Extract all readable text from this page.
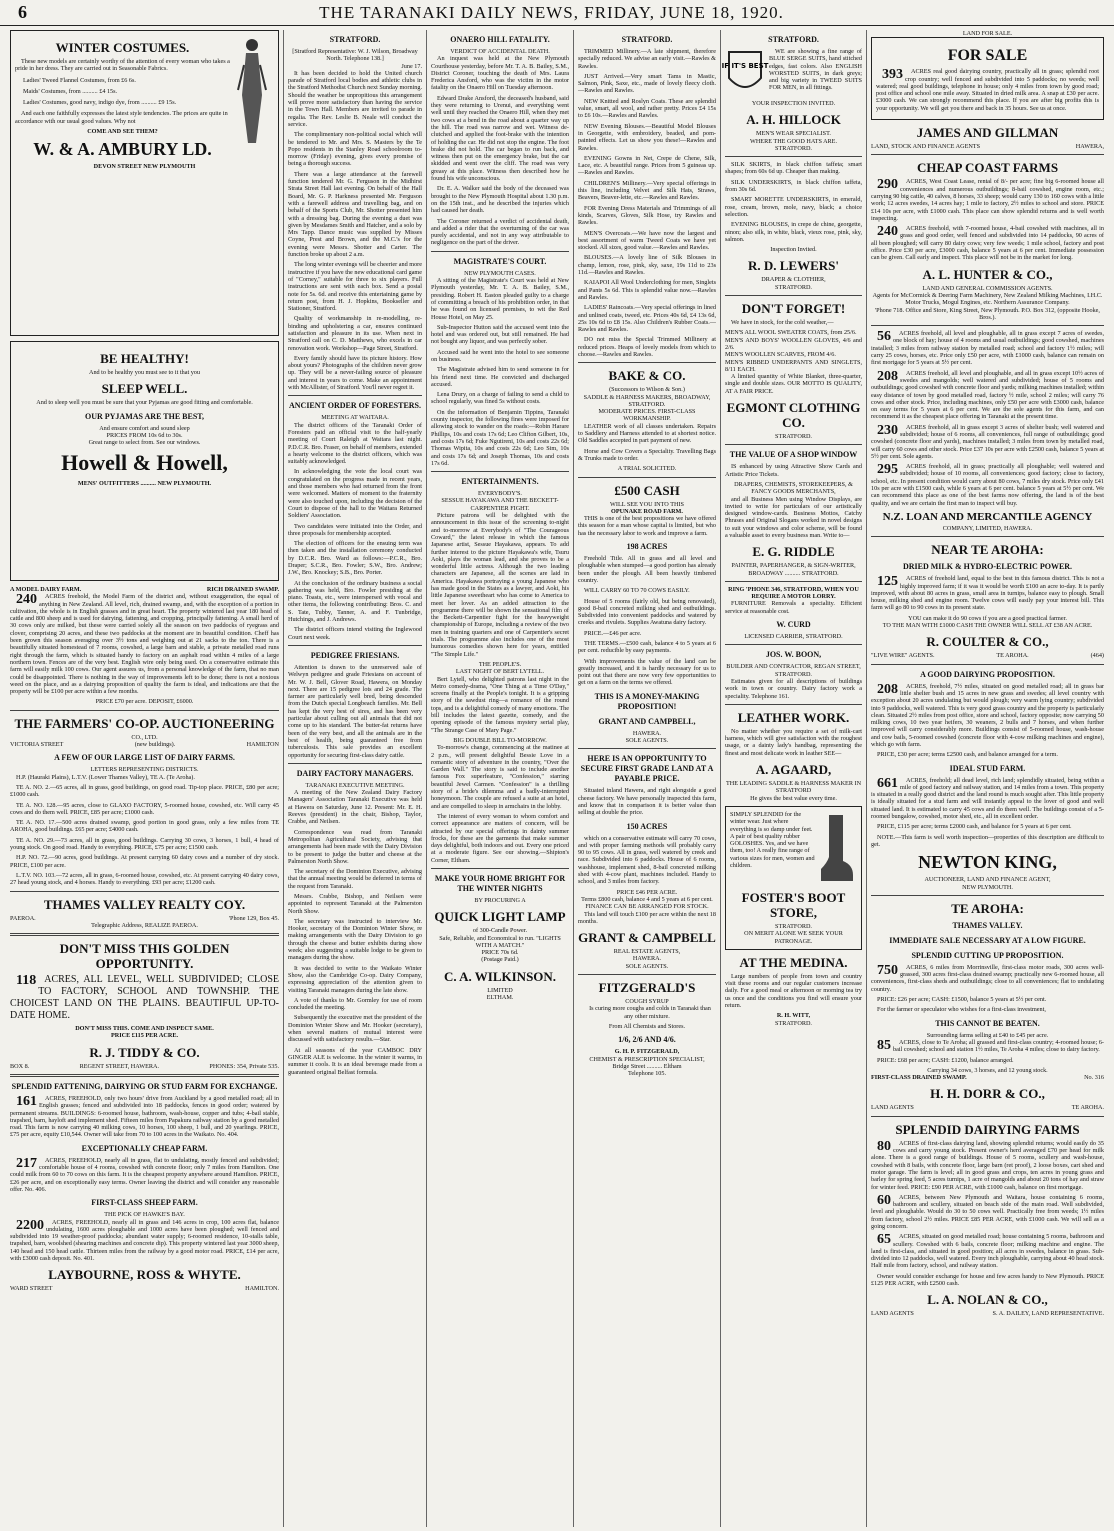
6	THE TARANAKI DAILY NEWS, FRIDAY, JUNE 18, 1920.
WINTER COSTUMES.

These new models are certainly worthy of the attention of every woman who takes a pride in her dress. They are carried out in Seasonable Fabrics.

Ladies' Tweed Flannel Costumes, from £6 6s.
Maids' Costumes, from .......... £4 15s.
Ladies' Costumes, good navy, indigo dye, from .......... £9 15s.

And each one faithfully expresses the latest style tendencies. The prices are quite in accordance with our usual good values. Why not

COME AND SEE THEM?
W. & A. AMBURY LD.
DEVON STREET NEW PLYMOUTH
BE HEALTHY!
And to be healthy you must see to it that you
SLEEP WELL.
And to sleep well you must be sure that your Pyjamas are good fitting and comfortable.
OUR PYJAMAS ARE THE BEST,
And ensure comfort and sound sleep
PRICES FROM 10s 6d to 30s.
Great range to select from. See our windows.
Howell & Howell,
MENS' OUTFITTERS .......... NEW PLYMOUTH.
A MODEL DAIRY FARM.	RICH DRAINED SWAMP.

240 ACRES freehold, the Model Farm of the district and, without exaggeration, the equal of anything in New Zealand. All level, rich, drained swamp, and, with the exception of a portion in cultivation, the whole is in English grasses and in great heart. The property wintered last year 180 head of cattle and 800 sheep and is used for dairying, fattening, and cropping, principally fattening. A small herd of 30 cows only are milked, but these were carried solely all the season on two paddocks of ryegrass and clover, comprising 20 acres, and these two paddocks at the moment are in beautiful condition. Cheff has been grown this season averaging over 3½ tons and weighing out at 21 sacks to the ton. There is a beautifully situated homestead of 7 rooms, cowshed, a large barn and stable, a private metalled road runs right through the farm, which is situated handy to factory on an asphalt road within 4 miles of a large northern town. Fences are of the very best. English wire only being used. On a conservative estimate this farm will easily milk 100 cows. Our agent assures us, from a personal knowledge of the farm, that no man could be disappointed. There is nothing in the way of improvements left to be done; there is not a noxious weed on the place, and as a dairying proposition of quality the farm is ideal, and indications are that the property will be £100 per acre within a few months.

PRICE £70 per acre. DEPOSIT, £6000.
THE FARMERS' CO-OP. AUCTIONEERING
CO., LTD.
VICTORIA STREET	(new buildings).	HAMILTON
A FEW OF OUR LARGE LIST OF DAIRY FARMS.
LETTERS REPRESENTING DISTRICTS.

H.P. (Hauraki Plains), L.T.V. (Lower Thames Valley), TE A. (Te Aroha).

TE A. NO. 2.—65 acres, all in grass, good buildings, on good road. Tip-top place. PRICE, £80 per acre; £1000 cash.

TE A. NO. 128.—95 acres, close to GLAXO FACTORY, 5-roomed house, cowshed, etc. Will carry 45 cows and do them well. PRICE, £85 per acre; £1000 cash.

TE A. NO. 17.—500 acres drained swamp, good portion in good grass, only a few miles from TE AROHA, good buildings. £65 per acre; £4000 cash.

TE A. NO. 29.—73 acres, all in grass, good buildings. Carrying 30 cows, 3 horses, 1 bull, 4 head of young stock. On good road. Handy to everything. PRICE, £75 per acre; £1500 cash.

H.P. NO. 72.—90 acres, good buildings. At present carrying 60 dairy cows and a number of dry stock. PRICE, £100 per acre.

L.T.V. NO. 103.—72 acres, all in grass, 6-roomed house, cowshed, etc. At present carrying 40 dairy cows, 27 head young stock, and 4 horses. Handy to everything. £93 per acre; £1200 cash.

THAMES VALLEY REALTY COY.
PAEROA.	'Phone 129, Box 45.
Telegraphic Address, REALIZE PAEROA.
DON'T MISS THIS GOLDEN OPPORTUNITY.

118 ACRES, ALL LEVEL, WELL SUBDIVIDED; CLOSE TO FACTORY, SCHOOL AND TOWNSHIP. THE CHOICEST LAND ON THE PLAINS. BEAUTIFUL UP-TO-DATE HOME.

DON'T MISS THIS. COME AND INSPECT SAME.
PRICE £115 PER ACRE.
R. J. TIDDY & CO.
BOX 8.	REGENT STREET, HAWERA.	PHONES: 354, Private 535.
SPLENDID FATTENING, DAIRYING OR STUD FARM FOR EXCHANGE.

161 ACRES, FREEHOLD, only two hours' drive from Auckland by a good metalled road; all in English grasses; fenced and subdivided into 18 paddocks, fences in good order; watered by permanent streams. BUILDINGS: 6-roomed house, bathroom, wash-house, copper and tubs; 4-bail stable, trapshed, barn, hayloft and implement shed. Fifteen miles from Papakura railway station by a good metalled road. This farm is now carrying 40 milking cows, 10 horses, 100 sheep, 1 bull, and 20 yearlings. PRICE, £75 per acre, equity £10,544. Owner will take from 70 to 100 acres in the Waikato. No. 404.

EXCEPTIONALLY CHEAP FARM.

217 ACRES, FREEHOLD, nearly all in grass, flat to undulating, mostly fenced and subdivided; comfortable house of 4 rooms, cowshed with concrete floor; only 7 miles from Hamilton. One could milk from 60 to 70 cows on this farm. It is the cheapest property anywhere around Hamilton. PRICE, £26 per acre, and on exceptionally easy terms. Owner leaving the district and will consider any reasonable offer. No. 406.

FIRST-CLASS SHEEP FARM.
THE PICK OF HAWKE'S BAY.

2200 ACRES, FREEHOLD, nearly all in grass and 146 acres in crop, 100 acres flat, balance undulating, 1600 acres ploughable and 1000 acres have been ploughed; well fenced and subdivided into 19 weather-proof paddocks; abundant water supply; 6-roomed residence, 10-stalls table, trapshed, barn, woolshed (shearing machines and concrete dip). This property wintered last year 3000 sheep, 140 head and 150 head cattle. Thirteen miles from the railway by a good motor road. PRICE, £14 per acre, with £3000 cash deposit. No. 401.

LAYBOURNE, ROSS & WHYTE.
WARD STREET	HAMILTON.
STRATFORD.
[Stratford Representative: W. J. Wilson, Broadway North. Telephone 138.]
June 17.

It has been decided to hold the United church parade of Stratford local bodies and athletic clubs in the Stratford Methodist Church next Sunday morning. Should the weather be unpropitious this arrangement will prove more satisfactory than having the service in the Town Hall. Members are invited to parade in regalia. The Rev. Leslie B. Neale will conduct the service.

The complimentary non-political social which will be tendered to Mr. and Mrs. S. Masters by the Te Popo residents in the Stanley Road schoolroom to-morrow (Friday) evening, gives every promise of being a thorough success.

There was a large attendance at the farewell function tendered Mr. G. Ferguson in the Midhirst Strata Street Hall last evening. On behalf of the Hall Board, Mr. G. P. Harkness presented Mr. Ferguson with a farewell address and travelling bag, and on behalf of the Sports Club, Mr. Shotter presented him with a dressing bag. During the evening a duet was given by Mesdames Smith and Hatcher, and a solo by Mrs Tapp. Dance music was supplied by Misses Coyne, Prest and Brown, and the M.C.'s for the evening were Messrs. Shotter and Carter. The function broke up about 2 a.m.

The long winter evenings will be cheerier and more instructive if you have the new educational card game of "Corney," suitable for three to six players. Full instructions are sent with each box. Send a postal note for 5s. 6d. and receive this entertaining game by return post, from H. J. Hopkins, Bookseller and Stationer, Stratford.

Quality of workmanship in re-modelling, re-binding and upholstering a car, ensures continued satisfaction and pleasure in its use. When next in Stratford call on C. D. Matthews, who excels in car renovation work. Workshop—Page Street, Stratford.

Every family should have its picture history. How about yours? Photographs of the children never grow up. They will be a never-failing source of pleasure and interest in years to come. Make an appointment with McAllister, of Stratford. You'll never regret it.

ANCIENT ORDER OF FORESTERS.
MEETING AT WAITARA.

The district officers of the Taranaki Order of Foresters paid an official visit to the half-yearly meeting of Court Raleigh at Waitara last night. P.D.C.R. Bro. Fraser, on behalf of members, extended a hearty welcome to the district officers, which was suitably acknowledged.

In acknowledging the vote the local court was congratulated on the progress made in recent years, and those members who had returned from the front were welcomed. Matters of moment to the fraternity were also touched upon, including the decision of the Court to dispose of the hall to the Waitara Returned Soldiers' Association.

Two candidates were initiated into the Order, and three proposals for membership accepted.

The election of officers for the ensuing term was then taken and the installation ceremony conducted by D.C.R. Bro. Ward as follows:—P.C.R., Bro. Draper; S.C.R., Bro. Fowler; S.W., Bro. Andrew; J.W., Bro. Knockey; S.B., Bro. Porter.

At the conclusion of the ordinary business a social gathering was held, Bro. Fowler presiding at the piano. Toasts, etc., were interspersed with vocal and other items, the following contributing: Bros. C. and S. Tate, Tubby, Tanner, A. and F. Tunbridge, Hutchings, and J. Andrews.

The district officers intend visiting the Inglewood Court next week.

PEDIGREE FRIESIANS.

Attention is drawn to the unreserved sale of Welwyn pedigree and grade Friesians on account of Mr. W. J. Bell, Glover Road, Hawera, on Monday next. There are 15 pedigree lots and 24 grade. The farmer are particularly well bred, being descended from the Dutch special Longbeach families. Mr. Bell has kept the very best of sires, and has been very particular about culling out all animals that did not come up to his standard. The butter-fat returns have been of the very best, and all the animals are in the best of health, being guaranteed free from tuberculosis. This sale provides an excellent opportunity for securing first-class dairy cattle.

DAIRY FACTORY MANAGERS.
TARANAKI EXECUTIVE MEETING.

A meeting of the New Zealand Dairy Factory Managers' Association Taranaki Executive was held at Hawera on Saturday, June 12. Present: Mr. E. H. Reeves (president) in the chair, Bishop, Taylor, Crabbe, and Neilsen.

Correspondence was read from Taranaki Metropolitan Agricultural Society, advising that arrangements had been made with the Dairy Division to be present to judge the butter and cheese at the Palmerston North Show.

The secretary of the Dominion Executive, advising that the annual meeting would be deferred in terms of the request from Taranaki.

Messrs. Crabbe, Bishop, and Neilsen were appointed to represent Taranaki at the Palmerston North Show.

The secretary was instructed to interview Mr. Hooker, secretary of the Dominion Winter Show, re making arrangements with the Dairy Division to go through the cheese and butter exhibits during show week; also suggesting a suitable lodge to be given to managers during the show.

It was decided to write to the Waikato Winter Show, also the Cambridge Co-op. Dairy Company, expressing appreciation of the attention given to visiting Taranaki managers during the late show.

A vote of thanks to Mr. Gormley for use of room concluded the meeting.

Subsequently the executive met the president of the Dominion Winter Show and Mr. Hooker (secretary), when several matters of mutual interest were discussed with satisfactory results.—Star.

At all seasons of the year CAMBOC DRY GINGER ALE is welcome. In the winter it warms, in summer it cools. It is an ideal beverage made from a guaranteed original Belfast formula.

ONAERO HILL FATALITY.
VERDICT OF ACCIDENTAL DEATH.

An inquest was held at the New Plymouth Courthouse yesterday, before Mr. T. A. B. Bailey, S.M., District Coroner, touching the death of Mrs. Laura Frederica Ansford, who was the victim in the motor fatality on the Onaero Hill on Tuesday afternoon.

Edward Drake Ansford, the deceased's husband, said they were returning to Urenui, and everything went well until they reached the Onaero Hill, when they met two cows at a bend in the road about a quarter way up the hill. The road was narrow and wet. Witness de-clutched and applied the foot-brake with the intention of holding the car. He did not stop the engine. The foot brake did not hold. The car began to run back, and witness then put on the emergency brake, but the car skidded and went over the cliff. The road was very greasy at this place. Witness then described how he found his wife unconscious.

Dr. E. A. Walker said the body of the deceased was brought to the New Plymouth Hospital about 1.30 p.m. on the 15th inst., and he described the injuries which had caused her death.

The Coroner returned a verdict of accidental death, and added a rider that the overturning of the car was purely accidental, and not in any way attributable to negligence on the part of the driver.

MAGISTRATE'S COURT.
NEW PLYMOUTH CASES.

A sitting of the Magistrate's Court was held at New Plymouth yesterday, Mr. T. A. B. Bailey, S.M., presiding. Robert H. Easton pleaded guilty to a charge of committing a breach of his prohibition order, in that he was found on licensed premises, to wit the Red House Hotel, on May 25.

Sub-Inspector Hutton said the accused went into the hotel and was ordered out, but still remained. He had not bought any liquor, and was perfectly sober.

Accused said he went into the hotel to see someone on business.

The Magistrate advised him to send someone in for his friend next time. He convicted and discharged accused.

Lena Drury, on a charge of failing to send a child to school regularly, was fined 5s without costs.

On the information of Benjamin Tippins, Taranaki county inspector, the following fines were imposed for allowing stock to wander on the roads:—Robin Harare Phillips, 10s and costs 17s 6d; Leo Clifton Gilbert, 10s, and costs 17s 6d; Fuke Ngutireni, 10s and costs 22s 6d; Thomas Wipita, 10s and costs 22s 6d; Leo Sim, 10s and costs 17s 6d; and Joseph Thomas, 10s and costs 17s 6d.

ENTERTAINMENTS.
EVERYBODY'S.
SESSUE HAYAKAWA AND THE BECKETT-CARPENTIER FIGHT.

Picture patrons will be delighted with the announcement in this issue of the screening to-night and to-morrow at Everybody's of "The Courageous Coward," the latest release in which the famous Japanese artist, Sessue Hayakawa, appears. To add further interest to the picture Hayakawa's wife, Tsuru Aoki, plays the woman lead, and she proves to be a wonderful little actress. Although the two leading characters are Japanese, all the scenes are laid in America. Hayakawa portraying a young Japanese who has made good in the States as a lawyer, and Aoki, his little Japanese sweetheart who has come to America to meet her lover. As an added attraction to the programme there will be shown the sensational film of the Beckett-Carpentier fight for the heavyweight championship of Europe, including a review of the two men in training quarters and one of Carpentier's secret trials. The programme also includes one of the most humorous comedies shown here for years, entitled "The Simple Life."

THE PEOPLE'S.
LAST NIGHT OF BERT LYTELL.

Bert Lytell, who delighted patrons last night in the Metro comedy-drama, "One Thing at a Time O'Day," screens finally at the People's tonight. It is a gripping story of the sawdust ring—a romance of the round tops, and is a delightful comedy of many emotions. The bill includes the latest gazette, comedy, and the opening episode of the famous mystery serial play, "The Strange Case of Mary Page."

BIG DOUBLE BILL TO-MORROW.

To-morrow's change, commencing at the matinee at 2 p.m., will present delightful Bessie Love in a romantic story of adventure in the country, "Over the Garden Wall." The story is said to include another famous Fox superfeature, "Confession," starring beautiful Jewel Carmen. "Confession" is a thrilling story of a bride's dilemma and a badly-interrupted honeymoon. The couple are refused a suite at an hotel, and are compelled to sleep in armchairs in the lobby.

The interest of every woman to whom comfort and correct appearance are matters of concern, will be attracted by our special offerings in dainty summer frocks, for these are the garments that make summer days delightful, both indoors and out. Every one priced at a moderate figure. See our showing.—Shipton's Corner, Eltham.

MAKE YOUR HOME BRIGHT FOR THE WINTER NIGHTS
BY PROCURING A
QUICK LIGHT LAMP
of 300-Candle Power.
Safe, Reliable, and Economical to run. "LIGHTS WITH A MATCH."
PRICE 70s 6d.
(Postage Paid.)
C. A. WILKINSON.
LIMITED
ELTHAM.
STRATFORD.

TRIMMED Millinery.—A late shipment, therefore specially reduced. We advise an early visit.—Rawles & Rawles.

JUST Arrived.—Very smart Tams in Mastic, Salmon, Pink, Saxe, etc., made of lovely fleecy cloth.—Rawles and Rawles.

NEW Knitted and Roslyn Coats. These are splendid value, smart, all wool, and rather pretty. Prices £4 15s to £6 10s.—Rawles and Rawles.

NEW Evening Blouses.—Beautiful Model Blouses in Georgette, with embroidery, beaded, and pom-painted effects. Let us show you these!—Rawles and Rawles.

EVENING Gowns in Net, Crepe de Chene, Silk, Lace, etc. A beautiful range. Prices from 5 guineas up.—Rawles and Rawles.

CHILDREN'S Millinery.—Very special offerings in this line, including Velvet and Silk Hats, Straws, Beavers, Beaver-lette, etc.—Rawles and Rawles.

FOR Evening Dress Materials and Trimmings of all kinds, Scarves, Gloves, Silk Hose, try Rawles and Rawles.

MEN'S Overcoats.—We have now the largest and best assortment of warm Tweed Coats we have yet stocked. All sizes, good value.—Rawles and Rawles.

BLOUSES.—A lovely line of Silk Blouses in champ, lemon, rose, pink, sky, saxe, 19s 11d to 23s 11d.—Rawles and Rawles.

KAIAPOI All Wool Underclothing for men, Singlets and Pants 5s 6d. This is splendid value now.—Rawles and Rawles.

LADIES' Raincoats.—Very special offerings in lined and unlined coats, tweed, etc. Prices 40s 6d, £4 13s 6d, 25s 10s 6d to £8 15s. Also Children's Rubber Coats.—Rawles and Rawles.

DO not miss the Special Trimmed Millinery at reduced prices. Heaps of lovely models from which to choose.—Rawles and Rawles.

BAKE & CO.
(Successors to Wilson & Son.)
SADDLE & HARNESS MAKERS, BROADWAY, STRATFORD.
MODERATE PRICES. FIRST-CLASS WORKMANSHIP.

LEATHER work of all classes undertaken. Repairs to Saddlery and Harness attended to at shortest notice. Old Saddles accepted in part payment of new.

Horse and Cow Covers a Speciality. Travelling Bags & Trunks made to order.

A TRIAL SOLICITED.
£500 CASH
WILL SEE YOU INTO THIS
OPUNAKE ROAD FARM.

THIS is one of the best propositions we have offered this season for a man whose capital is limited, but who has the necessary labor to work and improve a farm.

198 ACRES

Freehold Title. All in grass and all level and ploughable when stumped—a good portion has already been under the plough. All been heavily timbered country.

WILL CARRY 60 TO 70 COWS EASILY.

House of 5 rooms (fairly old, but being renovated), good 8-bail concreted milking shed and outbuildings. Subdivided into convenient paddocks and watered by creeks and rivulets. Supplies Awatuna dairy factory.

PRICE.—£46 per acre.

THE TERMS.—£500 cash, balance 4 to 5 years at 6 per cent. reducible by easy payments.

With improvements the value of the land can be greatly increased, and it is hardly necessary for us to point out that there are now very few opportunities to get on a farm on the terms we offered.

THIS IS A MONEY-MAKING PROPOSITION!
GRANT AND CAMPBELL,
HAWERA.
SOLE AGENTS.
HERE IS AN OPPORTUNITY TO SECURE FIRST GRADE LAND AT A PAYABLE PRICE.

Situated inland Hawera, and right alongside a good cheese factory. We have personally inspected this farm, and know that in comparison it is better value than selling at double the price.

150 ACRES

which on a conservative estimate will carry 70 cows, and with proper farming methods will probably carry 90 to 95 cows. All in grass, well watered by creek and race. Subdivided into 6 paddocks. House of 6 rooms, washhouse, implement shed, 8-bail concreted milking shed with 4-cow plant, machines included. Handy to school, and 3 miles from factory.

PRICE £46 PER ACRE.
Terms £800 cash, balance 4 and 5 years at 6 per cent.
FINANCE CAN BE ARRANGED FOR STOCK.

This land will touch £100 per acre within the next 18 months.

GRANT & CAMPBELL
REAL ESTATE AGENTS,
HAWERA.
SOLE AGENTS.
FITZGERALD'S
COUGH SYRUP

Is curing more coughs and colds in Taranaki than any other mixture.

From All Chemists and Stores.
1/6, 2/6 AND 4/6.
G. H. P. FITZGERALD,
CHEMIST & PRESCRIPTION SPECIALIST,
Bridge Street .......... Eltham
Telephone 105.
STRATFORD.
IF IT'S BEST

WE are showing a fine range of BLUE SERGE SUITS, hand stitched edges, fast colors. Also ENGLISH WORSTED SUITS, in dark greys; and big variety in TWEED SUITS FOR MEN, in all fittings.

YOUR INSPECTION INVITED.
A. H. HILLOCK
MEN'S WEAR SPECIALIST.
WHERE THE GOOD HATS ARE.
STRATFORD.

SILK SKIRTS, in black chiffon taffeta; smart shapes; from 60s 6d up. Cheaper than making.

SILK UNDERSKIRTS, in black chiffon taffeta, from 30s 6d.

SMART MORETTE UNDERSKIRTS, in emerald, rose, cream, brown, mole, navy, black; a choice selection.

EVENING BLOUSES, in crepe de chine, georgette, ninon; also silk, in white, black, vieux rose, pink, sky, salmon.

Inspection Invited.
R. D. LEWERS'
DRAPER & CLOTHIER,
STRATFORD.
DON'T FORGET!

We have in stock, for the cold weather,—

MEN'S ALL WOOL SWEATER COATS, from 25/6.
MEN'S AND BOYS' WOOLLEN GLOVES, 4/6 and 2/6.
MEN'S WOOLLEN SCARVES, FROM 4/6.
MEN'S RIBBED UNDERPANTS AND SINGLETS, 8/11 EACH.

A limited quantity of White Blanket, three-quarter, single and double sizes. OUR MOTTO IS QUALITY, AT A FAIR PRICE.

EGMONT CLOTHING CO.
STRATFORD.
THE VALUE OF A SHOP WINDOW

IS enhanced by using Attractive Show Cards and Artistic Price Tickets.

DRAPERS, CHEMISTS, STOREKEEPERS, & FANCY GOODS MERCHANTS,

and all Business Men using Window Displays, are invited to write for particulars of our artistically designed window-cards. Business Mottos, Catchy Phrases and Original Slogans worked in novel designs to suit your windows and color scheme, will be found a valuable asset to every business man. Write to—

E. G. RIDDLE
PAINTER, PAPERHANGER, & SIGN-WRITER,
BROADWAY .......... STRATFORD.
RING 'PHONE 346, STRATFORD, WHEN YOU REQUIRE A MOTOR LORRY.

FURNITURE Removals a speciality. Efficient service at reasonable cost.

W. CURD
LICENSED CARRIER, STRATFORD.
JOS. W. BOON,
BUILDER AND CONTRACTOR, REGAN STREET, STRATFORD.

Estimates given for all descriptions of buildings work in town or country. Dairy factory work a speciality. Telephone 161.

LEATHER WORK.

No matter whether you require a set of milk-cart harness, which will give satisfaction with the roughest usage, or a dainty lady's handbag, representing the finest and most delicate work in leather SEE—

A. AGAARD,
THE LEADING SADDLE & HARNESS MAKER IN STRATFORD
He gives the best value every time.
SIMPLY SPLENDID for the winter wear. Just where everything is so damp under feet. A pair of best quality rubber GOLOSHES. Yes, and we have them, too! A really fine range of various sizes for men, women and children.
FOSTER'S BOOT STORE,
STRATFORD.
ON MERIT ALONE WE SEEK YOUR PATRONAGE.
AT THE MEDINA.

Large numbers of people from town and country visit these rooms and our regular customers increase daily. For a good meal or afternoon or morning tea try us once and the conditions you find will ensure your return.

R. H. WITT,
STRATFORD.
LAND FOR SALE.
FOR SALE

393 ACRES real good dairying country, practically all in grass; splendid root crop country; well fenced and subdivided into 5 paddocks; no weeds; well watered; real good buildings, telephone in house; only 4 miles from town by good road; post office and school one mile away. Situated in dried milk area. A snap at £30 per acre. £3000 cash. We can strongly recommend this place. If you are after big profits this is your opportunity. We will get you there and back in 35 hours. See us at once.

JAMES AND GILLMAN
LAND, STOCK AND FINANCE AGENTS	HAWERA,
CHEAP COAST FARMS

290 ACRES, West Coast Lease, rental of 8/- per acre; fine big 6-roomed house all conveniences and numerous outbuildings; 8-bail cowshed, engine room, etc.; carrying 90 big cattle, 40 calves, 8 horses, 33 sheep; would carry 130 to 160 cows with a little work; 12 acres swedes, 14 acres hay; 1 mile to factory, 2½ miles to school and store. PRICE £14 10s per acre, with £1000 cash. This place can show splendid returns and is well worth inspecting.

240 ACRES freehold, with 7-roomed house, 4-bail cowshed with machines, all in grass and good order, well fenced and subdivided into 14 paddocks, 90 acres of all been ploughed; will carry 80 dairy cows; very few weeds; 1 mile school, factory and post office. Price £30 per acre, £3000 cash, balance 5 years at 6 per cent. Immediate possession can be given. Call early and inspect. This place will not be in the market for long.

A. L. HUNTER & CO.,
LAND AND GENERAL COMMISSION AGENTS.
Agents for McCormick & Deering Farm Machinery, New Zealand Milking Machines, I.H.C. Motor Trucks, Mogul Engines, etc. Northern Assurance Company.
'Phone 718. Office and Store, King Street, New Plymouth. P.O. Box 312, (opposite Hooke, Bros.).

56 ACRES freehold, all level and ploughable, all in grass except 7 acres of swedes, one block of hay; house of 4 rooms and usual outbuildings; good cowshed, machines installed; 3 miles from railway station by metalled road; school and factory 1½ miles; will carry 25 cows, horses, etc. Price only £50 per acre, with £1000 cash, balance can remain on first mortgage for 5 years at 5½ per cent.

208 ACRES freehold, all level and ploughable, and all in grass except 10½ acres of swedes and mangolds; well watered and subdivided; house of 5 rooms and outbuildings; good cowshed with concrete floor and yards; milking machines installed; within easy distance of town by good metalled road, factory ½ mile, school 2 miles; will carry 76 cows and other stock. Price, including machines, only £50 per acre with £3000 cash, balance on easy terms for 5 years at 6 per cent. We are the sole agents for this farm, and can recommend it as the cheapest place offering in Taranaki at the present time.

230 ACRES freehold, all in grass except 3 acres of shelter bush; well watered and subdivided; house of 6 rooms, all conveniences, full range of outbuildings; good cowshed (concrete floor and yards), machines installed; 3 miles from town by metalled road, will carry 60 cows and other stock. Price £37 10s per acre with £2500 cash, balance 5 years at 5½ per cent. Sole agents.

295 ACRES freehold, all in grass; practically all ploughable; well watered and subdivided; house of 10 rooms, all conveniences; good factory; close to factory, school, etc. In present condition would carry about 80 cows, 7 miles dry stock. Price only £41 10s per acre with £1500 cash, while 6 years at 6 per cent. balance 5 years at 5½ per cent. We can recommend this place as one of the best farms now offering, the land is of the best quality, and we are certain the first man to inspect will buy.

N.Z. LOAN AND MERCANTILE AGENCY
COMPANY, LIMITED, HAWERA.
NEAR TE AROHA:
DRIED MILK & HYDRO-ELECTRIC POWER.

125 ACRES of freehold land, equal to the best in this famous district. This is not a highly improved farm; if it was it would be worth £100 an acre to-day. It is partly improved, with about 80 acres in grass, small area in turnips, balance easy to plough. Small house, milking shed and engine room. Twelve cows will easily pay your interest bill. This farm will go 80 to 90 cows in its present state.

YOU can make it do 90 cows if you are a good practical farmer.
TO THE MAN WITH £1000 CASH THE OWNER WILL SELL AT £38 AN ACRE.
R. COULTER & CO.,
"LIVE WIRE" AGENTS.	TE AROHA.	(464)
A GOOD DAIRYING PROPOSITION.

208 ACRES, freehold, 7½ miles, situated on good metalled road; all in grass bar little shelter bush and 15 acres in new grass and swedes; all level country with exception about 20 acres undulating but would plough; very warm lying country; subdivided into 9 paddocks, well watered. This is very good grass country and the property is particularly clean. Situated 2½ miles from post office, store and school, factory opposite; now carrying 50 milking cows, 10 two year heifers, 30 weaners, 2 bulls and 7 horses, and when further improved will carry considerably more. Buildings consist of 5-roomed house, wash-house and cow bails, 5-roomed cowshed (concrete floor with 4-cow milking machines and engine), which go with farm.

PRICE, £30 per acre; terms £2500 cash, and balance arranged for a term.

IDEAL STUD FARM.

661 ACRES, freehold; all dead level, rich land; splendidly situated, being within a mile of good factory and railway station, and 14 miles from a town. This property is situated in a really good district and the land round is much sought after. This little property is ideally situated for a stud farm and will instantly appeal to the lover of good and well situated land. It is estimated to carry 45 cows and do them well. The buildings consist of a 5-roomed bungalow, cowshed, motor shed, etc., all in excellent order.

PRICE, £115 per acre; terms £2000 cash, and balance for 5 years at 6 per cent.

NOTE.—This farm is well worth inspection—properties of this description are difficult to get.

NEWTON KING,
AUCTIONEER, LAND AND FINANCE AGENT,
NEW PLYMOUTH.
TE AROHA:
THAMES VALLEY.
IMMEDIATE SALE NECESSARY AT A LOW FIGURE.
SPLENDID CUTTING UP PROPOSITION.

750 ACRES, 6 miles from Morrinsville, first-class motor roads, 300 acres well-grassed, 300 acres first-class drained swamp; practically new 6-roomed house, all conveniences, first-class sheds and outbuildings; close to all conveniences; flat to undulating country.

PRICE: £26 per acre; CASH: £1500, balance 5 years at 5½ per cent.

For the farmer or speculator who wishes for a first-class investment,

THIS CANNOT BE BEATEN.
Surrounding farms selling at £40 to £45 per acre.

85 ACRES, close to Te Aroha; all grassed and first-class country; 4-roomed house; 6-bail cowshed; school and station 1½ miles, Te Aroha 4 miles; close to dairy factory.

PRICE: £68 per acre; CASH: £1200, balance arranged.

Carrying 34 cows, 3 horses, and 12 young stock.
FIRST-CLASS DRAINED SWAMP.	No. 316
H. H. DORR & CO.,
LAND AGENTS	TE AROHA.
SPLENDID DAIRYING FARMS

80 ACRES of first-class dairying land, showing splendid returns; would easily do 35 cows and carry young stock. Present owner's herd averaged £70 per head for milk alone. There is a good range of buildings. House of 5 rooms, scullery and wash-house, cowshed with 8 bails, with concrete floor, large barn (ret proof), 2 loose boxes, cart shed and motor garage. The farm is level; all in good grass and crops, ten acres in young grass and barley for spring feed, 5 acres turnips, 1 acre of mangolds and about 20 tons of hay and straw for winter feed. PRICE: £90 PER ACRE, with £1000 cash, balance on first mortgage.

60 ACRES, between New Plymouth and Waitara, house containing 6 rooms, bathroom and scullery, situated on beach side of the main road. Well subdivided, level and ploughable. Would do 30 to 50 cows well. Practically free from weeds; 1½ miles from factory, school 2½ miles. PRICE £85 PER ACRE, with £1000 cash. We will sell as a going concern.

65 ACRES, situated on good metalled road; house containing 5 rooms, bathroom and scullery. Cowshed with 6 bails, concrete floor; milking machine and engine. The land is first-class, and situated in good position; all acres in swedes, balance in grass. Sub-divided into 12 paddocks, well watered. Every inch ploughable, carrying about 40 head stock. Half mile from factory, school, and railway station.

Owner would consider exchange for house and few acres handy to New Plymouth. PRICE £125 PER ACRE, with £2500 cash.

L. A. NOLAN & CO.,
LAND AGENTS	S. A. DAILEY, LAND REPRESENTATIVE.
